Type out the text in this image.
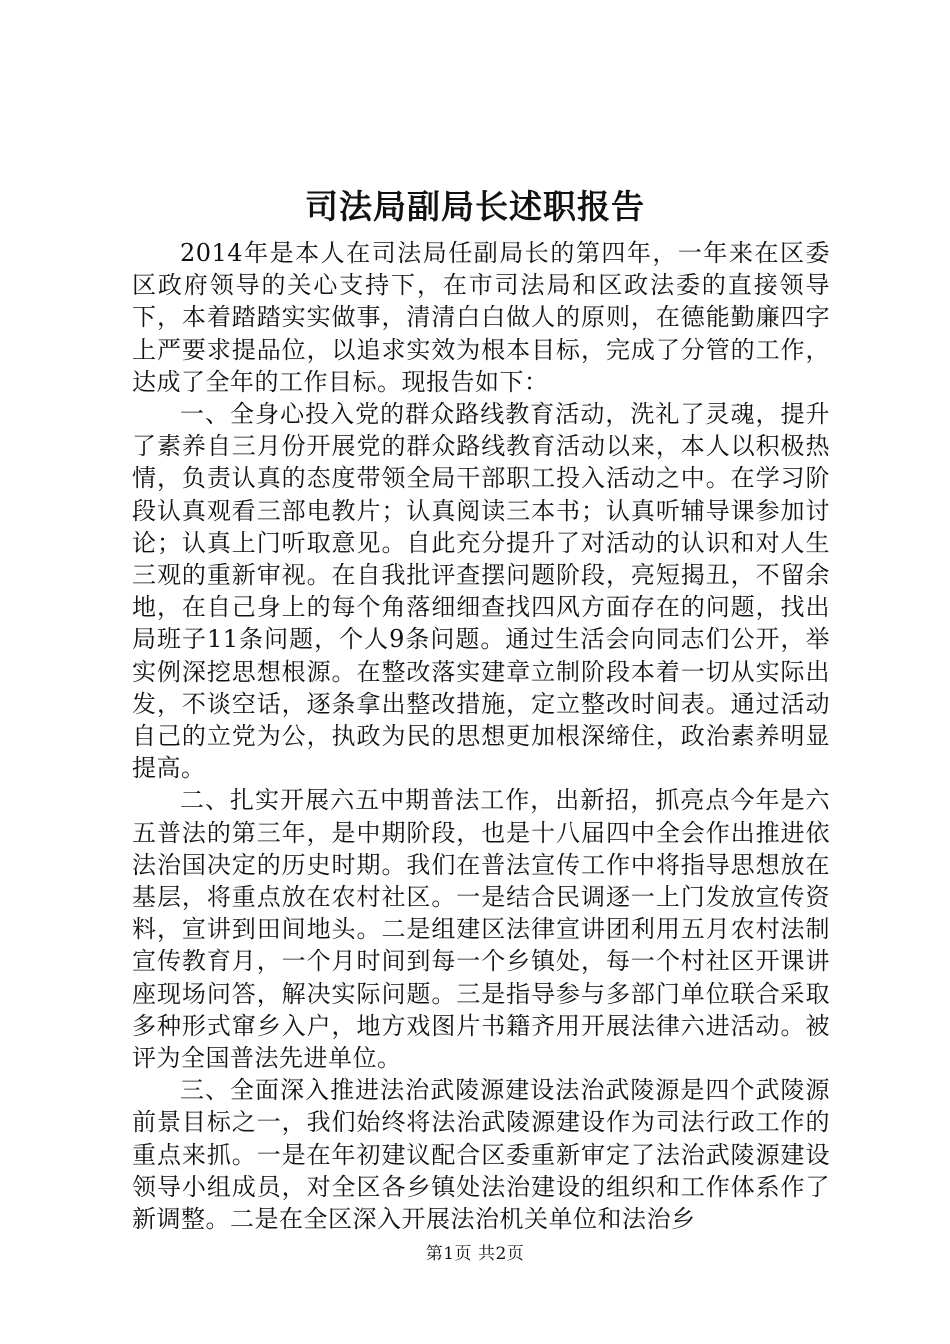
司法局副局长述职报告

2014年是本人在司法局任副局长的第四年，一年来在区委区政府领导的关心支持下，在市司法局和区政法委的直接领导下，本着踏踏实实做事，清清白白做人的原则，在德能勤廉四字上严要求提品位，以追求实效为根本目标，完成了分管的工作，达成了全年的工作目标。现报告如下：

一、全身心投入党的群众路线教育活动，洗礼了灵魂，提升了素养自三月份开展党的群众路线教育活动以来，本人以积极热情，负责认真的态度带领全局干部职工投入活动之中。在学习阶段认真观看三部电教片；认真阅读三本书；认真听辅导课参加讨论；认真上门听取意见。自此充分提升了对活动的认识和对人生三观的重新审视。在自我批评查摆问题阶段，亮短揭丑，不留余地，在自己身上的每个角落细细查找四风方面存在的问题，找出局班子11条问题，个人9条问题。通过生活会向同志们公开，举实例深挖思想根源。在整改落实建章立制阶段本着一切从实际出发，不谈空话，逐条拿出整改措施，定立整改时间表。通过活动自己的立党为公，执政为民的思想更加根深缔住，政治素养明显提高。

二、扎实开展六五中期普法工作，出新招，抓亮点今年是六五普法的第三年，是中期阶段，也是十八届四中全会作出推进依法治国决定的历史时期。我们在普法宣传工作中将指导思想放在基层，将重点放在农村社区。一是结合民调逐一上门发放宣传资料，宣讲到田间地头。二是组建区法律宣讲团利用五月农村法制宣传教育月，一个月时间到每一个乡镇处，每一个村社区开课讲座现场问答，解决实际问题。三是指导参与多部门单位联合采取多种形式窜乡入户，地方戏图片书籍齐用开展法律六进活动。被评为全国普法先进单位。

三、全面深入推进法治武陵源建设法治武陵源是四个武陵源前景目标之一，我们始终将法治武陵源建设作为司法行政工作的重点来抓。一是在年初建议配合区委重新审定了法治武陵源建设领导小组成员，对全区各乡镇处法治建设的组织和工作体系作了新调整。二是在全区深入开展法治机关单位和法治乡

第1页 共2页
